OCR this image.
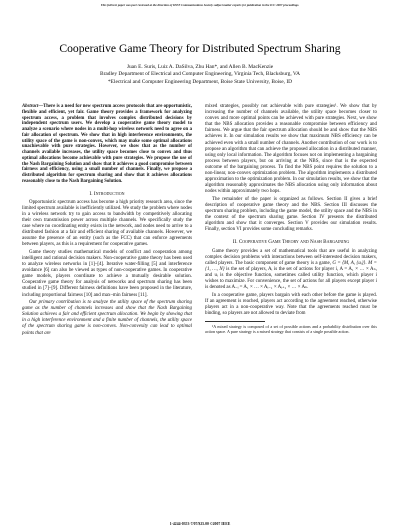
This full text paper was peer reviewed at the direction of IEEE Communications Society subject matter experts for publication in the ICC 2007 proceedings.
Cooperative Game Theory for Distributed Spectrum Sharing
Juan E. Suris, Luiz A. DaSilva, Zhu Han*, and Allen B. MacKenzie
Bradley Department of Electrical and Computer Engineering, Virginia Tech, Blacksburg, VA
*Electrical and Computer Engineering Department, Boise State University, Boise, ID

Abstract—There is a need for new spectrum access protocols that are opportunistic, flexible and efficient, yet fair. Game theory provides a framework for analyzing spectrum access, a problem that involves complex distributed decisions by independent spectrum users. We develop a cooperative game theory model to analyze a scenario where nodes in a multi-hop wireless network need to agree on a fair allocation of spectrum. We show that in high interference environments, the utility space of the game is non-convex, which may make some optimal allocations unachievable with pure strategies. However, we show that as the number of channels available increases, the utility space becomes close to convex and thus optimal allocations become achievable with pure strategies. We propose the use of the Nash Bargaining Solution and show that it achieves a good compromise between fairness and efficiency, using a small number of channels. Finally, we propose a distributed algorithm for spectrum sharing and show that it achieves allocations reasonably close to the Nash Bargaining Solution.

I. Introduction

Opportunistic spectrum access has become a high priority research area, since the limited spectrum available is inefficiently utilized. We study the problem where nodes in a wireless network try to gain access to bandwidth by competitively allocating their own transmission power across multiple channels. We specifically study the case where no coordinating entity exists in the network, and nodes need to arrive to a distributed fashion at a fair and efficient sharing of available channels. However, we assume the presence of an entity (such as the FCC) that can enforce agreements between players, as this is a requirement for cooperative games.

Game theory studies mathematical models of conflict and cooperation among intelligent and rational decision makers. Non-cooperative game theory has been used to analyze wireless networks in [1]–[4]. Iterative water-filling [5] and interference avoidance [6] can also be viewed as types of non-cooperative games. In cooperative game models, players coordinate to achieve a mutually desirable solution. Cooperative game theory for analysis of networks and spectrum sharing has been studied in [7]–[9]. Different fairness definitions have been proposed in the literature, including proportional fairness [10] and max–min fairness [11].

Our primary contribution is to analyze the utility space of the spectrum sharing game as the number of channels increases and show that the Nash Bargaining Solution achieves a fair and efficient spectrum allocation. We begin by showing that in a high interference environment and a finite number of channels, the utility space of the spectrum sharing game is non-convex. Non-convexity can lead to optimal points that are

mixed strategies, possibly not achievable with pure strategies¹. We show that by increasing the number of channels available, the utility space becomes closer to convex and more optimal points can be achieved with pure strategies. Next, we show that the NBS allocation provides a reasonable compromise between efficiency and fairness. We argue that the fair spectrum allocation should be and show that the NBS achieves it. In our simulation results we show that maximum NBS efficiency can be achieved even with a small number of channels. Another contribution of our work is to propose an algorithm that can achieve the proposed allocation in a distributed manner, using only local information. The algorithm focuses not on implementing a bargaining process between players, but on arriving at the NBS, since that is the expected outcome of the bargaining process. To find the NBS point requires the solution to a non-linear, non-convex optimization problem. The algorithm implements a distributed approximation to the optimization problem. In our simulation results, we show that the algorithm reasonably approximates the NBS allocation using only information about nodes within approximately two hops.

The remainder of the paper is organized as follows. Section II gives a brief description of cooperative game theory and the NBS. Section III discusses the spectrum sharing problem, including the game model, the utility space and the NBS in the context of the spectrum sharing game. Section IV presents the distributed algorithm and show that it converges. Section V provides our simulation results. Finally, section VI provides some concluding remarks.

II. Cooperative Game Theory and Nash Bargaining

Game theory provides a set of mathematical tools that are useful in analyzing complex decision problems with interactions between self-interested decision makers, called players. The basic component of game theory is a game, G = ⟨M, A, {uᵢ}⟩. M = {1, …, N} is the set of players, Aᵢ is the set of actions for player i, A = A₁ × … × Aₙ, and uᵢ is the objective function, sometimes called utility function, which player i wishes to maximize. For convenience, the set of actions for all players except player i is denoted as A₋ᵢ = A₁ × … × Aᵢ₋₁ × Aᵢ₊₁ × … × Aₙ.

In a cooperative game, players bargain with each other before the game is played. If an agreement is reached, players act according to the agreement reached, otherwise players act in a non-cooperative way. Note that the agreements reached must be binding, so players are not allowed to deviate from

¹A mixed strategy is composed of a set of possible actions and a probability distribution over this action space. A pure strategy is a mixed strategy that consists of a single possible action.

1-4244-0353-7/07/$25.00 ©2007 IEEE
